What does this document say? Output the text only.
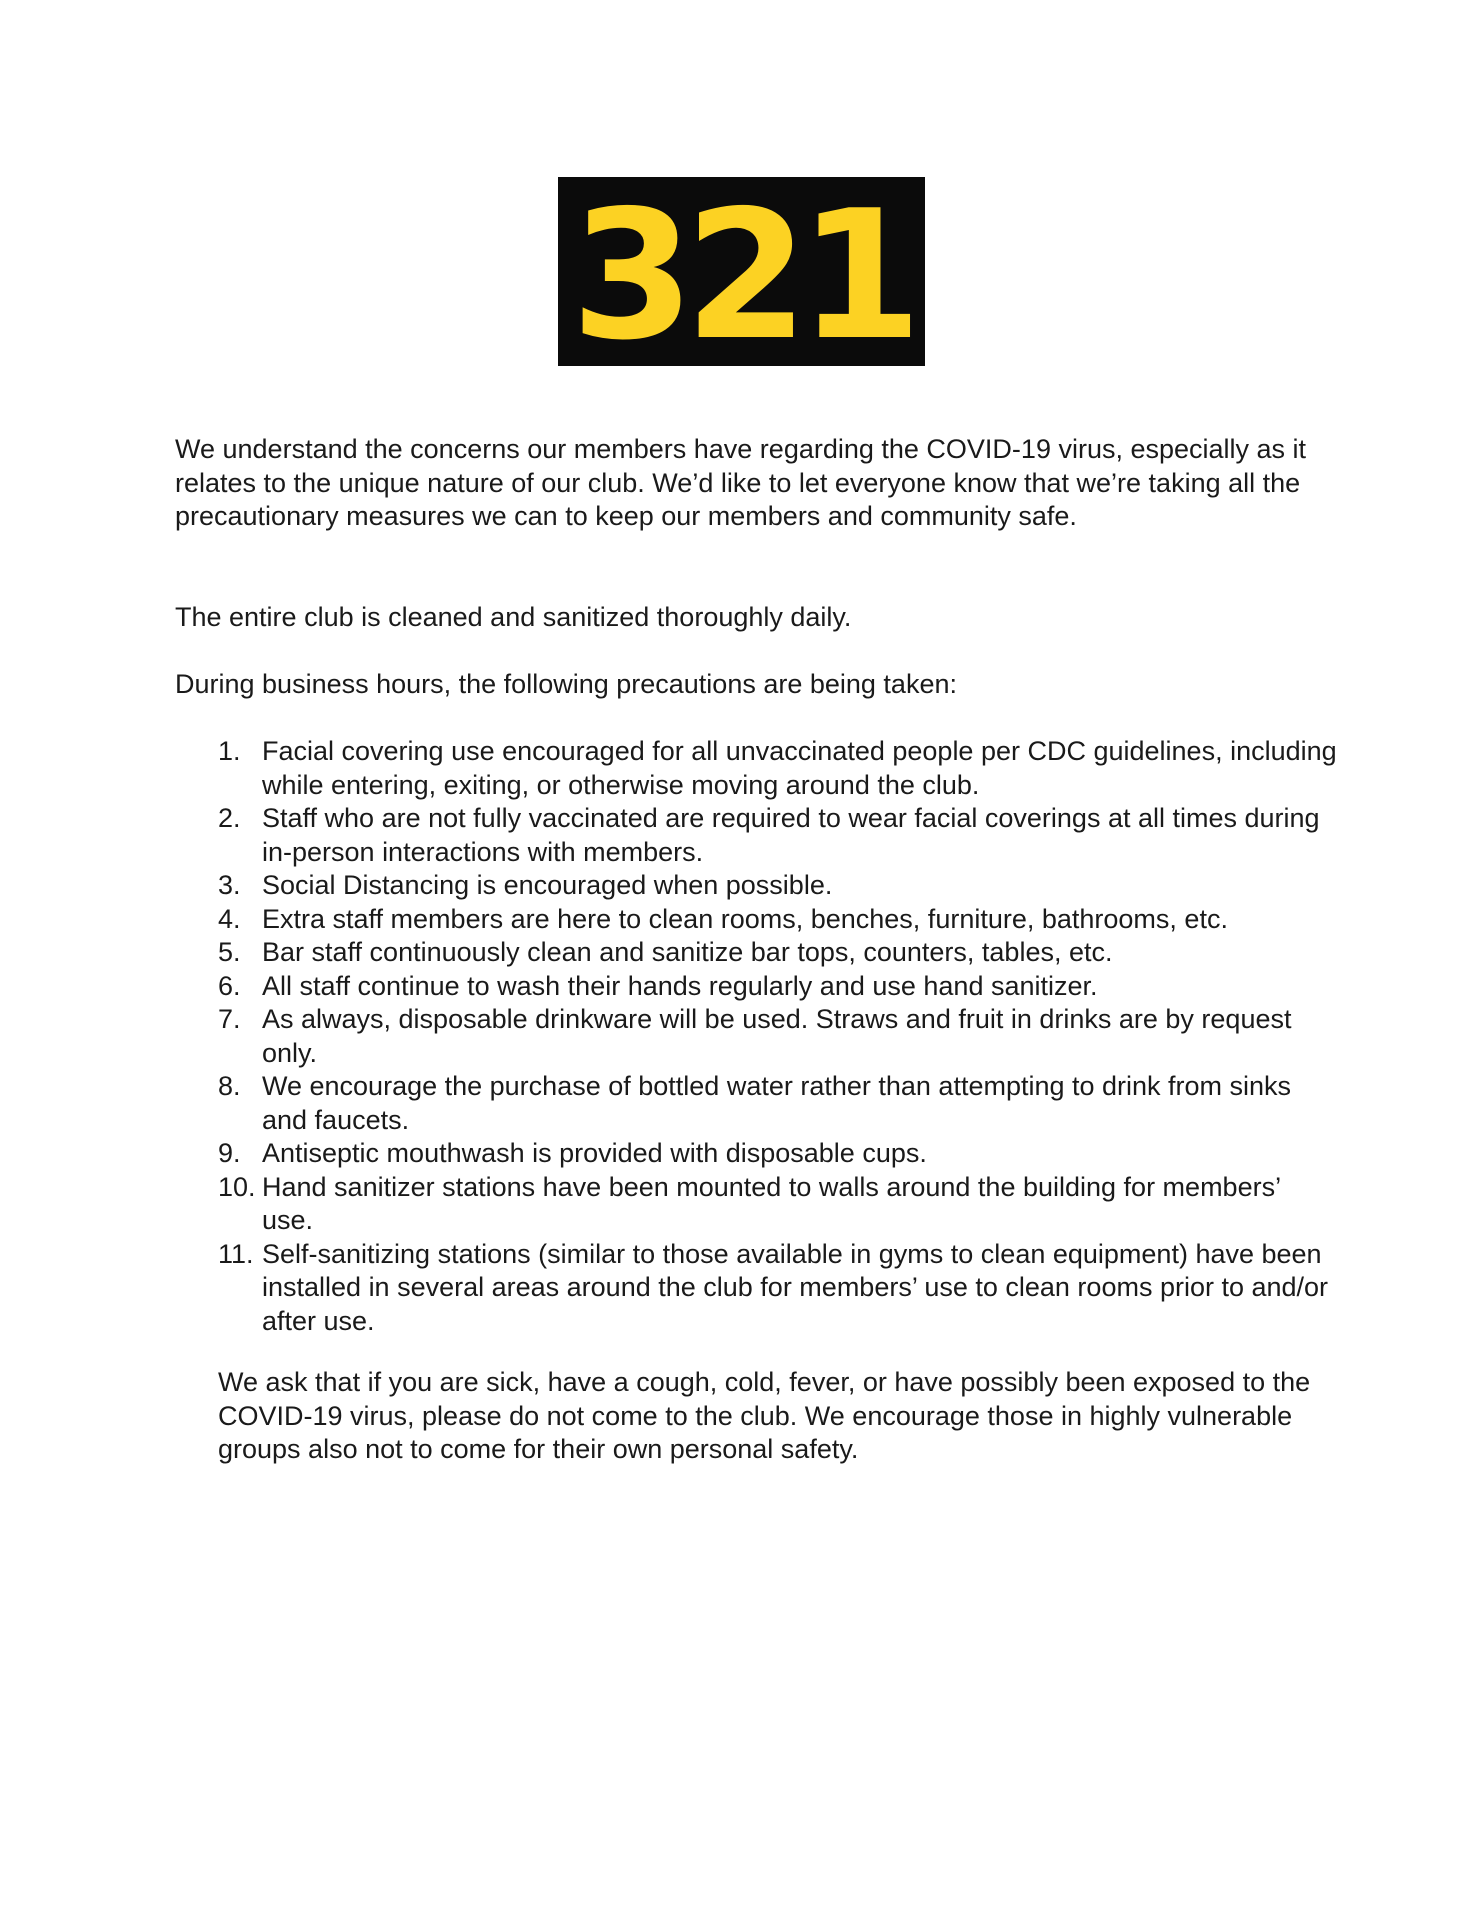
321
We understand the concerns our members have regarding the COVID-19 virus, especially as it relates to the unique nature of our club. We’d like to let everyone know that we’re taking all the precautionary measures we can to keep our members and community safe.
The entire club is cleaned and sanitized thoroughly daily.
During business hours, the following precautions are being taken:
1. Facial covering use encouraged for all unvaccinated people per CDC guidelines, including while entering, exiting, or otherwise moving around the club.
2. Staff who are not fully vaccinated are required to wear facial coverings at all times during in-person interactions with members.
3. Social Distancing is encouraged when possible.
4. Extra staff members are here to clean rooms, benches, furniture, bathrooms, etc.
5. Bar staff continuously clean and sanitize bar tops, counters, tables, etc.
6. All staff continue to wash their hands regularly and use hand sanitizer.
7. As always, disposable drinkware will be used. Straws and fruit in drinks are by request only.
8. We encourage the purchase of bottled water rather than attempting to drink from sinks and faucets.
9. Antiseptic mouthwash is provided with disposable cups.
10. Hand sanitizer stations have been mounted to walls around the building for members’ use.
11. Self-sanitizing stations (similar to those available in gyms to clean equipment) have been installed in several areas around the club for members’ use to clean rooms prior to and/or after use.
We ask that if you are sick, have a cough, cold, fever, or have possibly been exposed to the COVID-19 virus, please do not come to the club. We encourage those in highly vulnerable groups also not to come for their own personal safety.
